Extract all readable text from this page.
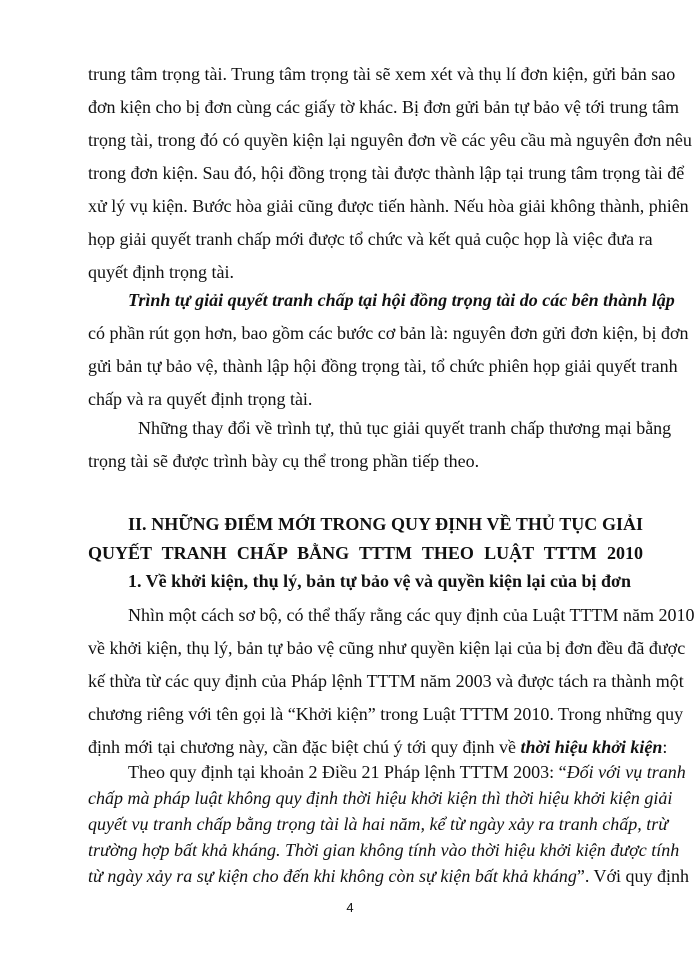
trung tâm trọng tài. Trung tâm trọng tài sẽ xem xét và thụ lí đơn kiện, gửi bản sao
đơn kiện cho bị đơn cùng các giấy tờ khác. Bị đơn gửi bản tự bảo vệ tới trung tâm
trọng tài, trong đó có quyền kiện lại nguyên đơn về các yêu cầu mà nguyên đơn nêu
trong đơn kiện. Sau đó, hội đồng trọng tài được thành lập tại trung tâm trọng tài để
xử lý vụ kiện. Bước hòa giải cũng được tiến hành. Nếu hòa giải không thành, phiên
họp giải quyết tranh chấp mới được tổ chức và kết quả cuộc họp là việc đưa ra
quyết định trọng tài.
Trình tự giải quyết tranh chấp tại hội đồng trọng tài do các bên thành lập
có phần rút gọn hơn, bao gồm các bước cơ bản là: nguyên đơn gửi đơn kiện, bị đơn
gửi bản tự bảo vệ, thành lập hội đồng trọng tài, tổ chức phiên họp giải quyết tranh
chấp và ra quyết định trọng tài.
Những thay đổi về trình tự, thủ tục giải quyết tranh chấp thương mại bằng
trọng tài sẽ được trình bày cụ thể trong phần tiếp theo.
II. NHỮNG ĐIỂM MỚI TRONG QUY ĐỊNH VỀ THỦ TỤC GIẢI
QUYẾT TRANH CHẤP BẰNG TTTM THEO LUẬT TTTM 2010
1. Về khởi kiện, thụ lý, bản tự bảo vệ và quyền kiện lại của bị đơn
Nhìn một cách sơ bộ, có thể thấy rằng các quy định của Luật TTTM năm 2010
về khởi kiện, thụ lý, bản tự bảo vệ cũng như quyền kiện lại của bị đơn đều đã được
kế thừa từ các quy định của Pháp lệnh TTTM năm 2003 và được tách ra thành một
chương riêng với tên gọi là “Khởi kiện” trong Luật TTTM 2010. Trong những quy
định mới tại chương này, cần đặc biệt chú ý tới quy định về thời hiệu khởi kiện:
Theo quy định tại khoản 2 Điều 21 Pháp lệnh TTTM 2003: “Đối với vụ tranh
chấp mà pháp luật không quy định thời hiệu khởi kiện thì thời hiệu khởi kiện giải
quyết vụ tranh chấp bằng trọng tài là hai năm, kể từ ngày xảy ra tranh chấp, trừ
4
trường hợp bất khả kháng. Thời gian không tính vào thời hiệu khởi kiện được tính
từ ngày xảy ra sự kiện cho đến khi không còn sự kiện bất khả kháng”. Với quy định
